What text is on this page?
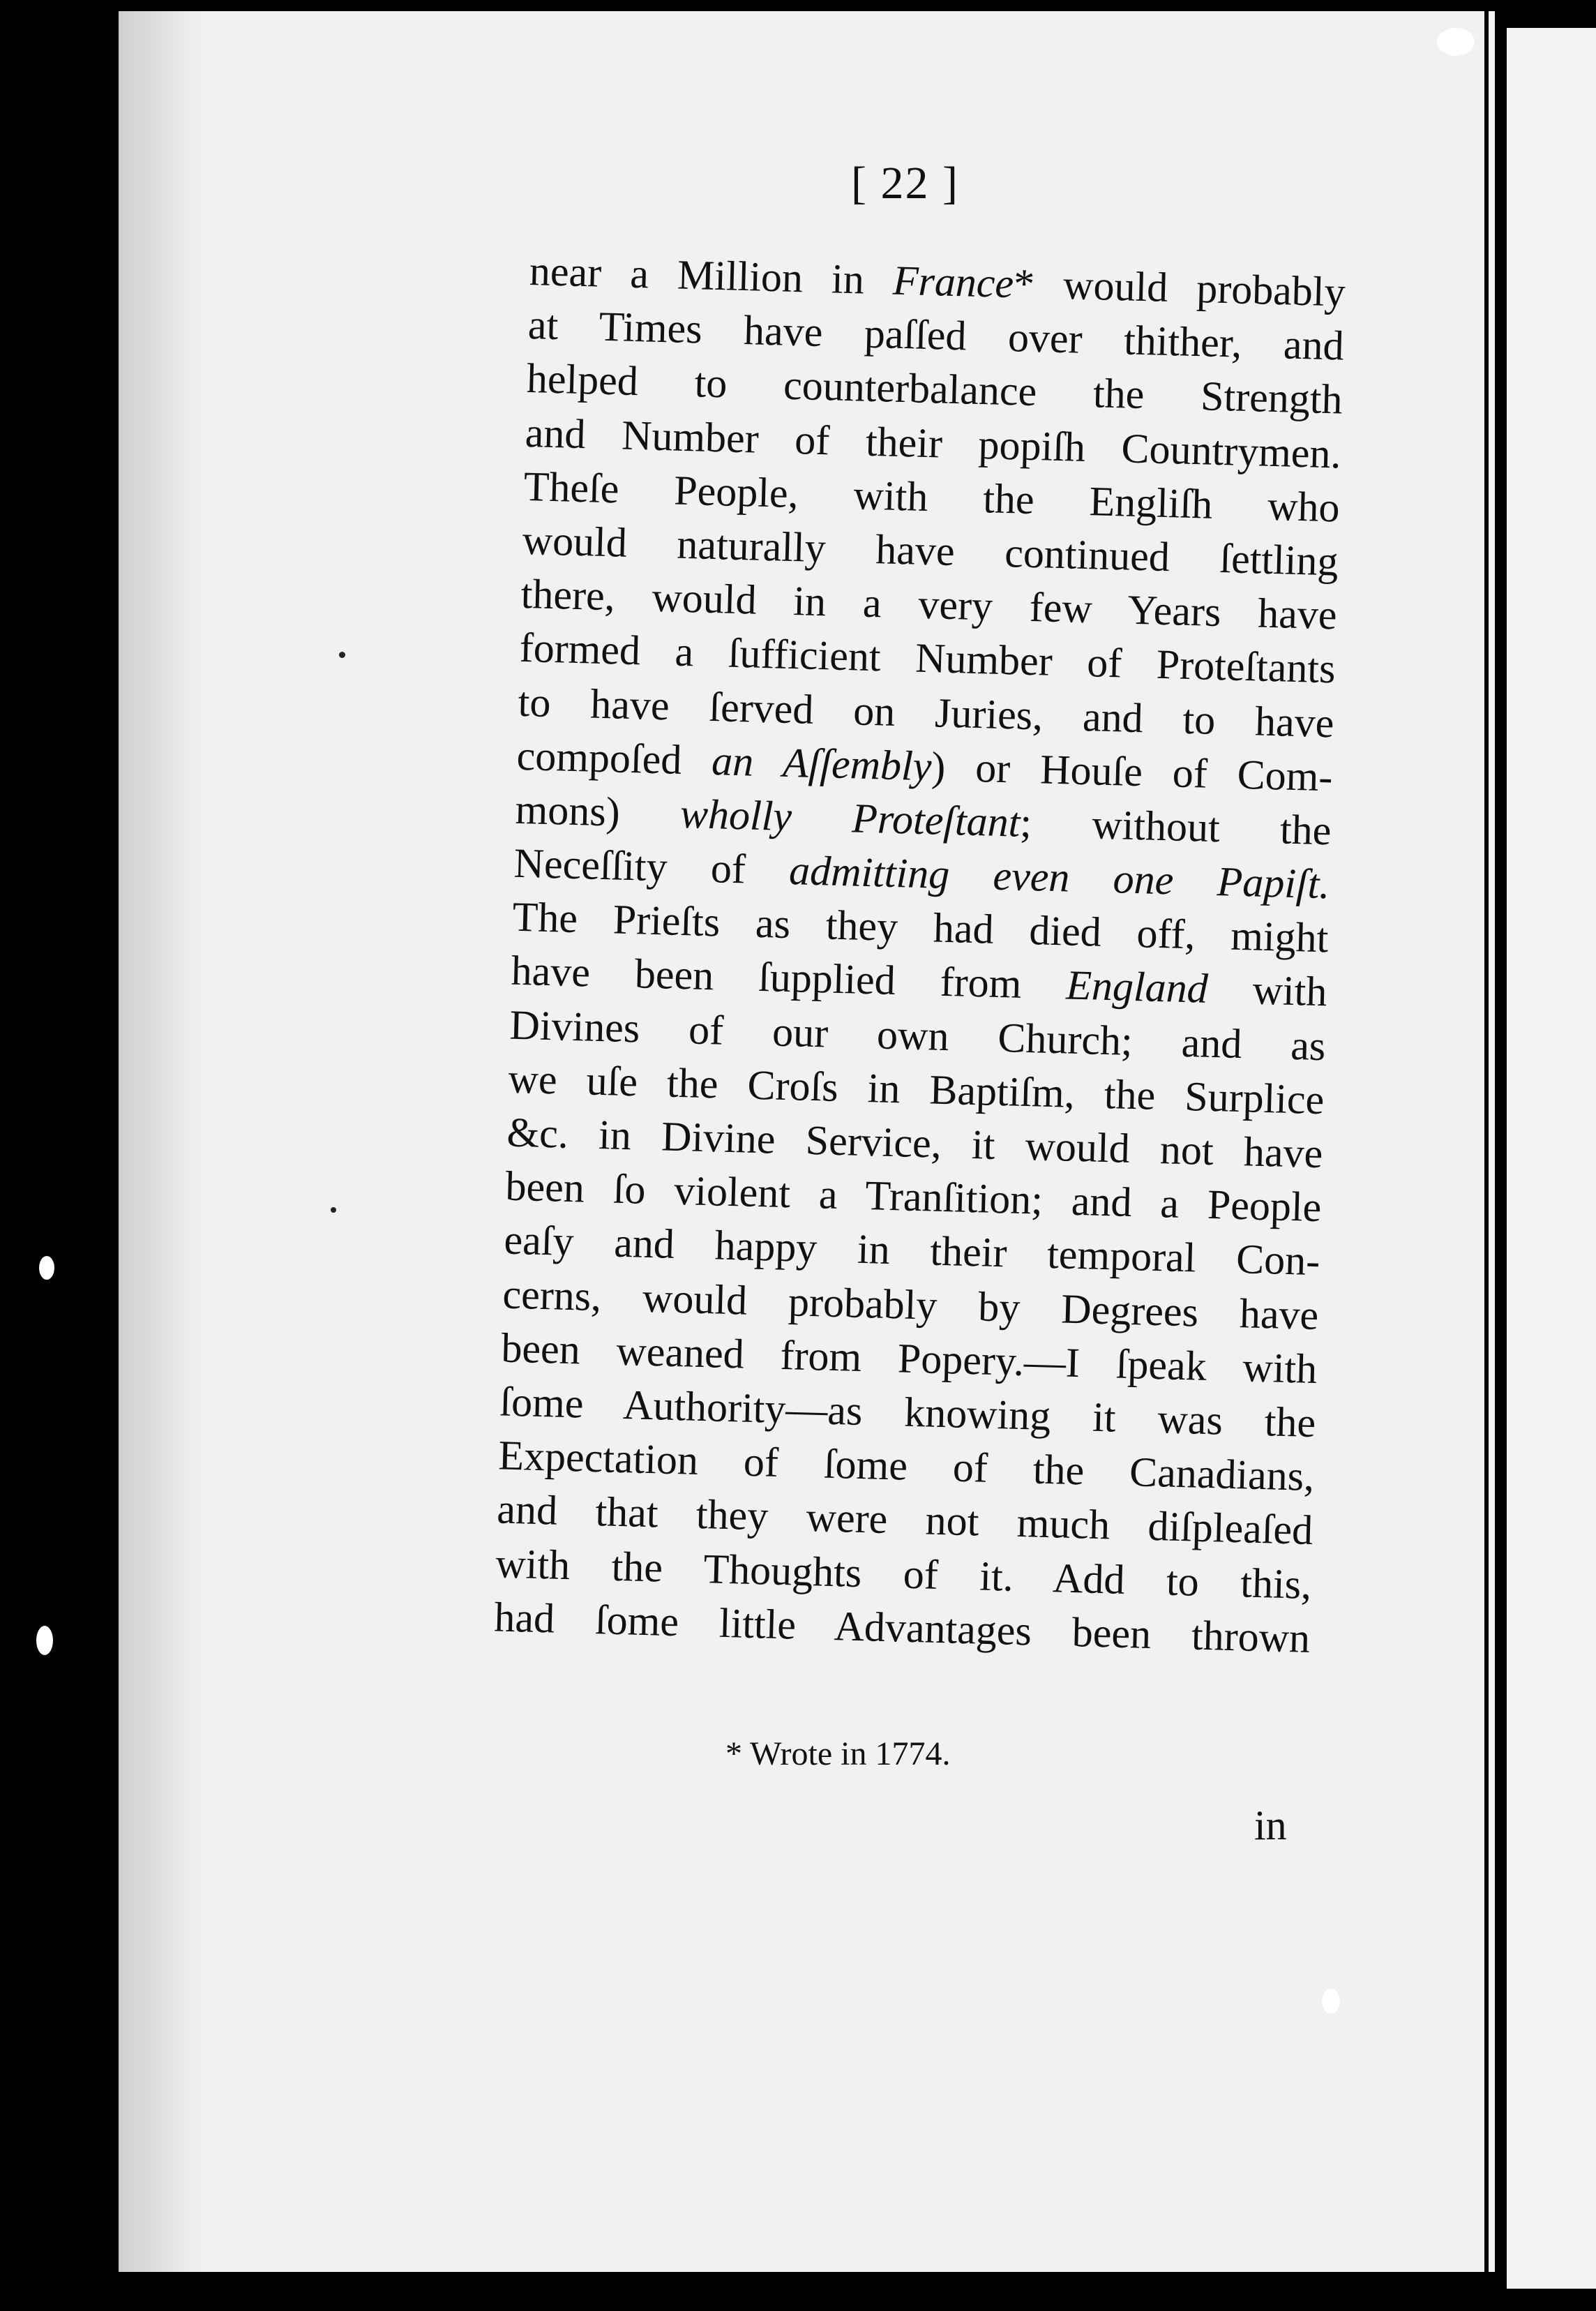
[ 22 ]
near a Million in France* would probably
at Times have paſſed over thither, and
helped to counterbalance the Strength
and Number of their popiſh Countrymen.
Theſe People, with the Engliſh who
would naturally have continued ſettling
there, would in a very few Years have
formed a ſufficient Number of Proteſtants
to have ſerved on Juries, and to have
compoſed an Aſſembly) or Houſe of Com-
mons) wholly Proteſtant; without the
Neceſſity of admitting even one Papiſt.
The Prieſts as they had died off, might
have been ſupplied from England with
Divines of our own Church; and as
we uſe the Croſs in Baptiſm, the Surplice
&c. in Divine Service, it would not have
been ſo violent a Tranſition; and a People
eaſy and happy in their temporal Con-
cerns, would probably by Degrees have
been weaned from Popery.—I ſpeak with
ſome Authority—as knowing it was the
Expectation of ſome of the Canadians,
and that they were not much diſpleaſed
with the Thoughts of it. Add to this,
had ſome little Advantages been thrown
* Wrote in 1774.
in
